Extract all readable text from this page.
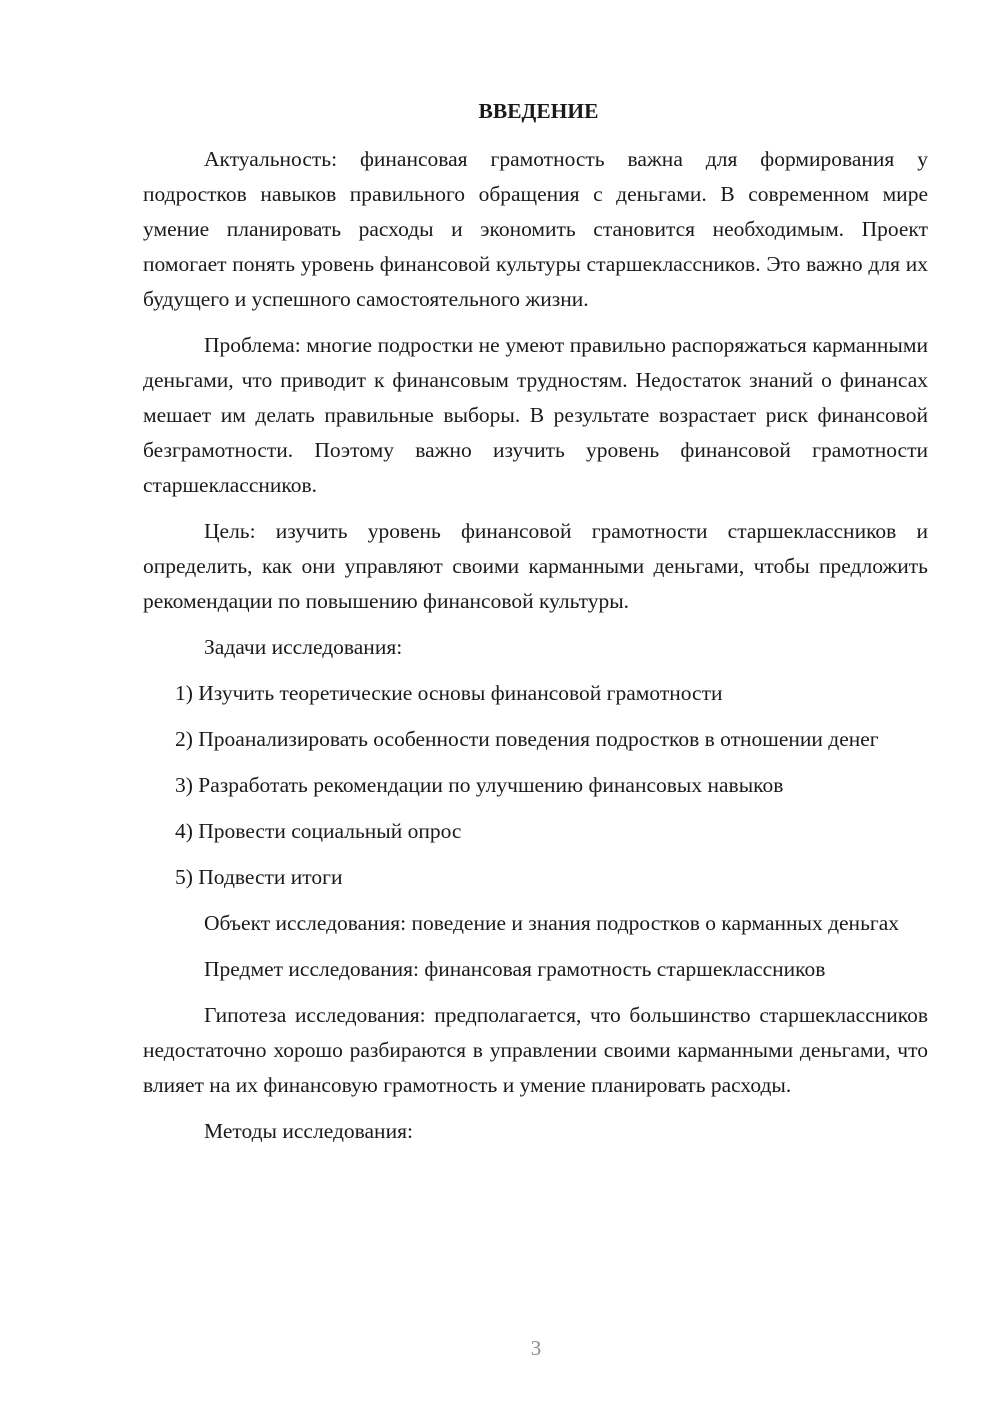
ВВЕДЕНИЕ

Актуальность: финансовая грамотность важна для формирования у подростков навыков правильного обращения с деньгами. В современном мире умение планировать расходы и экономить становится необходимым. Проект помогает понять уровень финансовой культуры старшеклассников. Это важно для их будущего и успешного самостоятельного жизни.

Проблема: многие подростки не умеют правильно распоряжаться карманными деньгами, что приводит к финансовым трудностям. Недостаток знаний о финансах мешает им делать правильные выборы. В результате возрастает риск финансовой безграмотности. Поэтому важно изучить уровень финансовой грамотности старшеклассников.

Цель: изучить уровень финансовой грамотности старшеклассников и определить, как они управляют своими карманными деньгами, чтобы предложить рекомендации по повышению финансовой культуры.

Задачи исследования:

1) Изучить теоретические основы финансовой грамотности

2) Проанализировать особенности поведения подростков в отношении денег

3) Разработать рекомендации по улучшению финансовых навыков

4) Провести социальный опрос

5) Подвести итоги

Объект исследования: поведение и знания подростков о карманных деньгах

Предмет исследования: финансовая грамотность старшеклассников

Гипотеза исследования: предполагается, что большинство старшеклассников недостаточно хорошо разбираются в управлении своими карманными деньгами, что влияет на их финансовую грамотность и умение планировать расходы.

Методы исследования:

3
